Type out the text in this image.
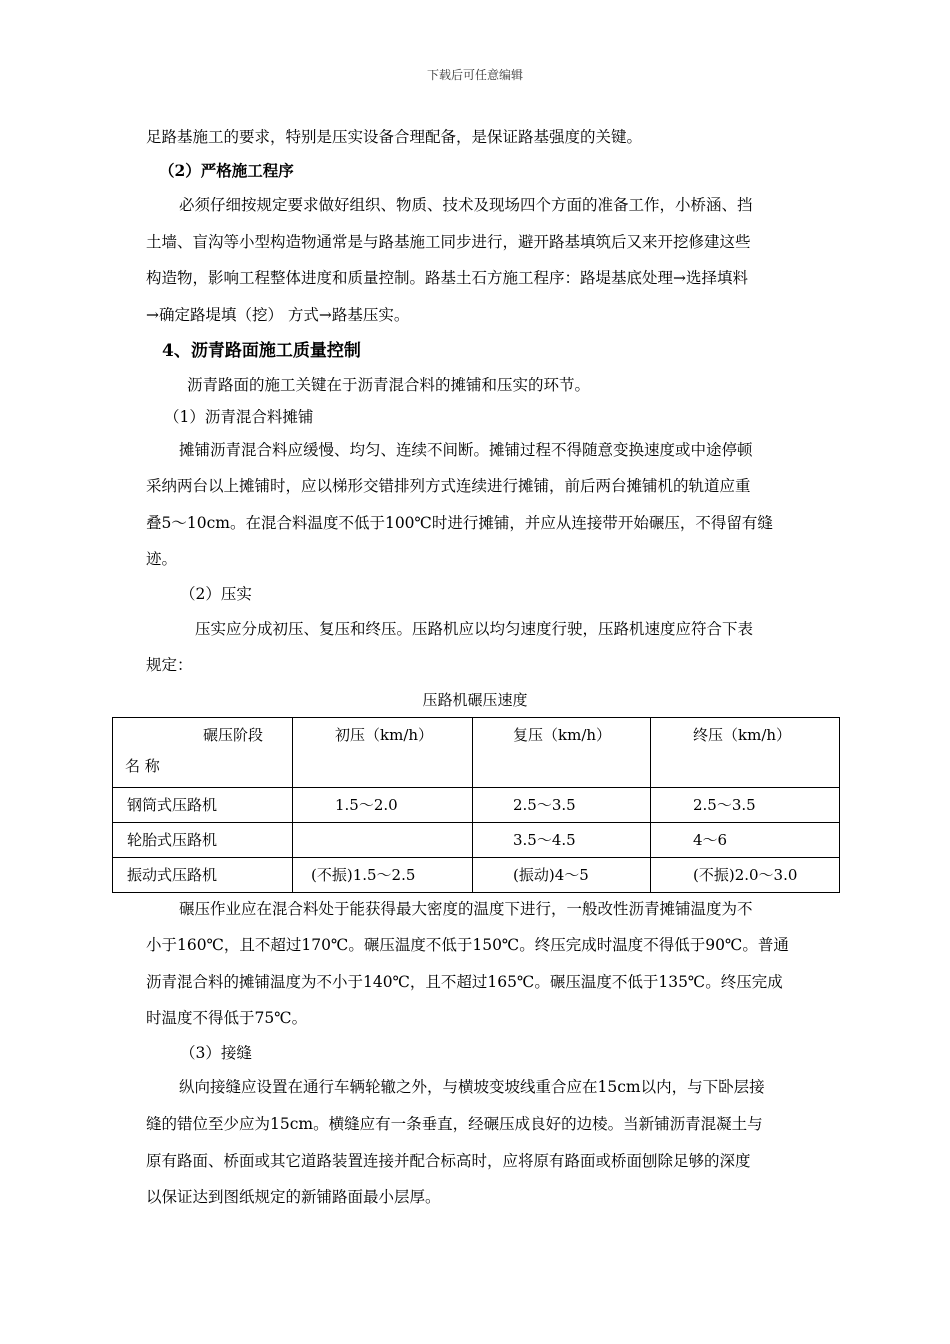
下载后可任意编辑
足路基施工的要求，特别是压实设备合理配备，是保证路基强度的关键。
（2）严格施工程序
必须仔细按规定要求做好组织、物质、技术及现场四个方面的准备工作，小桥涵、挡
土墙、盲沟等小型构造物通常是与路基施工同步进行，避开路基填筑后又来开挖修建这些
构造物，影响工程整体进度和质量控制。路基土石方施工程序：路堤基底处理→选择填料
→确定路堤填（挖） 方式→路基压实。
4、沥青路面施工质量控制
沥青路面的施工关键在于沥青混合料的摊铺和压实的环节。
（1）沥青混合料摊铺
摊铺沥青混合料应缓慢、均匀、连续不间断。摊铺过程不得随意变换速度或中途停顿
采纳两台以上摊铺时，应以梯形交错排列方式连续进行摊铺，前后两台摊铺机的轨道应重
叠5～10cm。在混合料温度不低于100℃时进行摊铺，并应从连接带开始碾压，不得留有缝
迹。
（2）压实
压实应分成初压、复压和终压。压路机应以均匀速度行驶，压路机速度应符合下表
规定：
压路机碾压速度
碾压阶段
名 称	初压（km/h）	复压（km/h）	终压（km/h）

钢筒式压路机	1.5～2.0	2.5～3.5	2.5～3.5

轮胎式压路机		3.5～4.5	4～6

振动式压路机	(不振)1.5～2.5	(振动)4～5	(不振)2.0～3.0
碾压作业应在混合料处于能获得最大密度的温度下进行，一般改性沥青摊铺温度为不
小于160℃，且不超过170℃。碾压温度不低于150℃。终压完成时温度不得低于90℃。普通
沥青混合料的摊铺温度为不小于140℃，且不超过165℃。碾压温度不低于135℃。终压完成
时温度不得低于75℃。
（3）接缝
纵向接缝应设置在通行车辆轮辙之外，与横坡变坡线重合应在15cm以内，与下卧层接
缝的错位至少应为15cm。横缝应有一条垂直，经碾压成良好的边棱。当新铺沥青混凝土与
原有路面、桥面或其它道路装置连接并配合标高时，应将原有路面或桥面刨除足够的深度
以保证达到图纸规定的新铺路面最小层厚。
